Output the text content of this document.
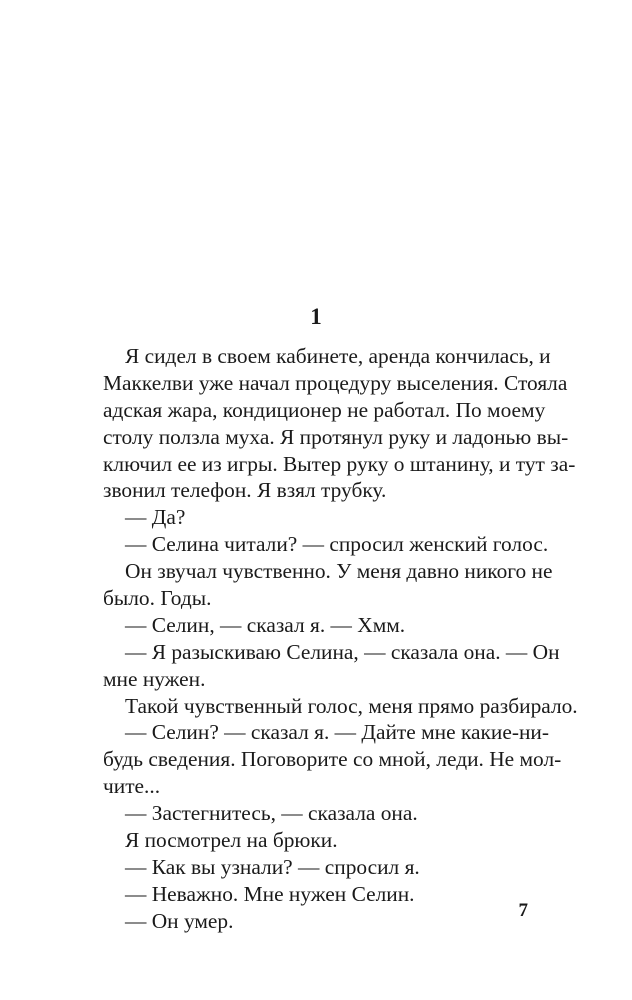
1
Я сидел в своем кабинете, аренда кончилась, и
Маккелви уже начал процедуру выселения. Стояла
адская жара, кондиционер не работал. По моему
столу ползла муха. Я протянул руку и ладонью вы-
ключил ее из игры. Вытер руку о штанину, и тут за-
звонил телефон. Я взял трубку.
— Да?
— Селина читали? — спросил женский голос.
Он звучал чувственно. У меня давно никого не
было. Годы.
— Селин, — сказал я. — Хмм.
— Я разыскиваю Селина, — сказала она. — Он
мне нужен.
Такой чувственный голос, меня прямо разбирало.
— Селин? — сказал я. — Дайте мне какие-ни-
будь сведения. Поговорите со мной, леди. Не мол-
чите...
— Застегнитесь, — сказала она.
Я посмотрел на брюки.
— Как вы узнали? — спросил я.
— Неважно. Мне нужен Селин.
— Он умер.	7
